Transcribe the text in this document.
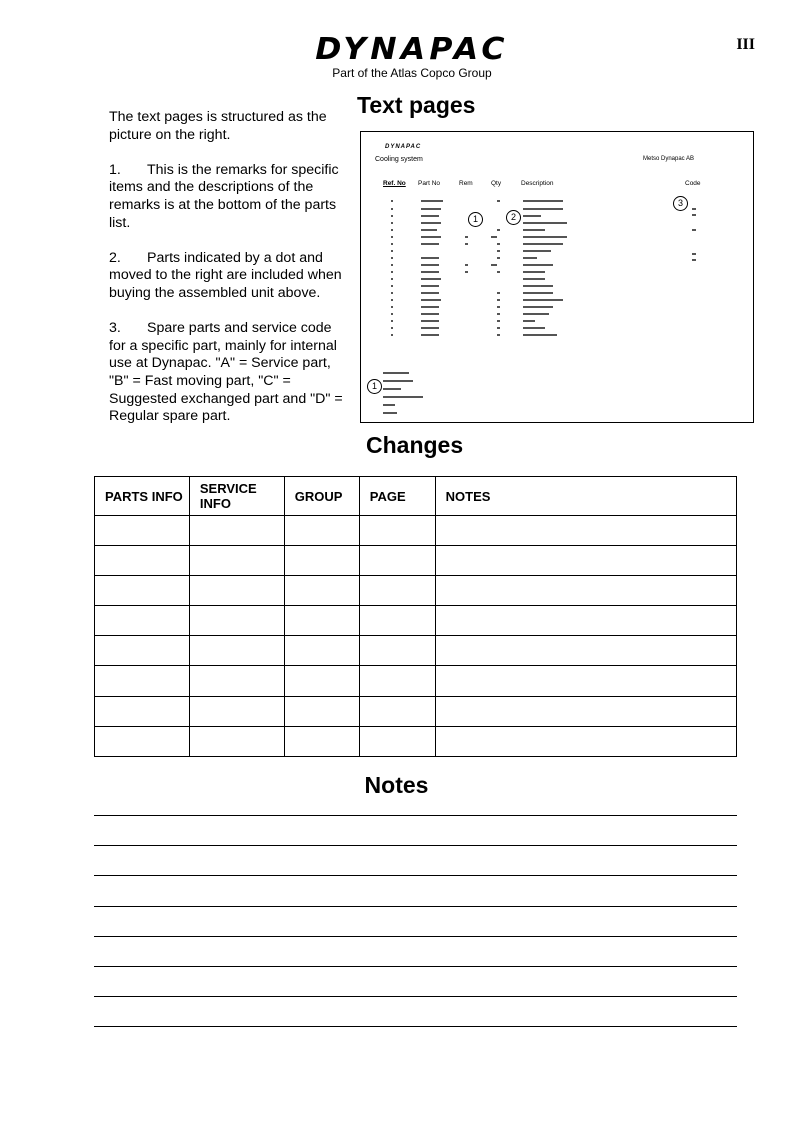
DYNAPAC
Part of the Atlas Copco Group
III

The text pages is structured as the picture on the right.

1. This is the remarks for specific items and the descriptions of the remarks is at the bottom of the parts list.

2. Parts indicated by a dot and moved to the right are included when buying the assembled unit above.

3. Spare parts and service code for a specific part, mainly for internal use at Dynapac. "A" = Service part, "B" = Fast moving part, "C" = Suggested exchanged part and "D" = Regular spare part.

Text pages
DYNAPAC
Cooling system	Metso Dynapac AB
Ref. No Part No	Rem	Qty	Description	Code
1	2
3
1
Changes
PARTS INFO	SERVICE INFO	GROUP	PAGE	NOTES

Notes
